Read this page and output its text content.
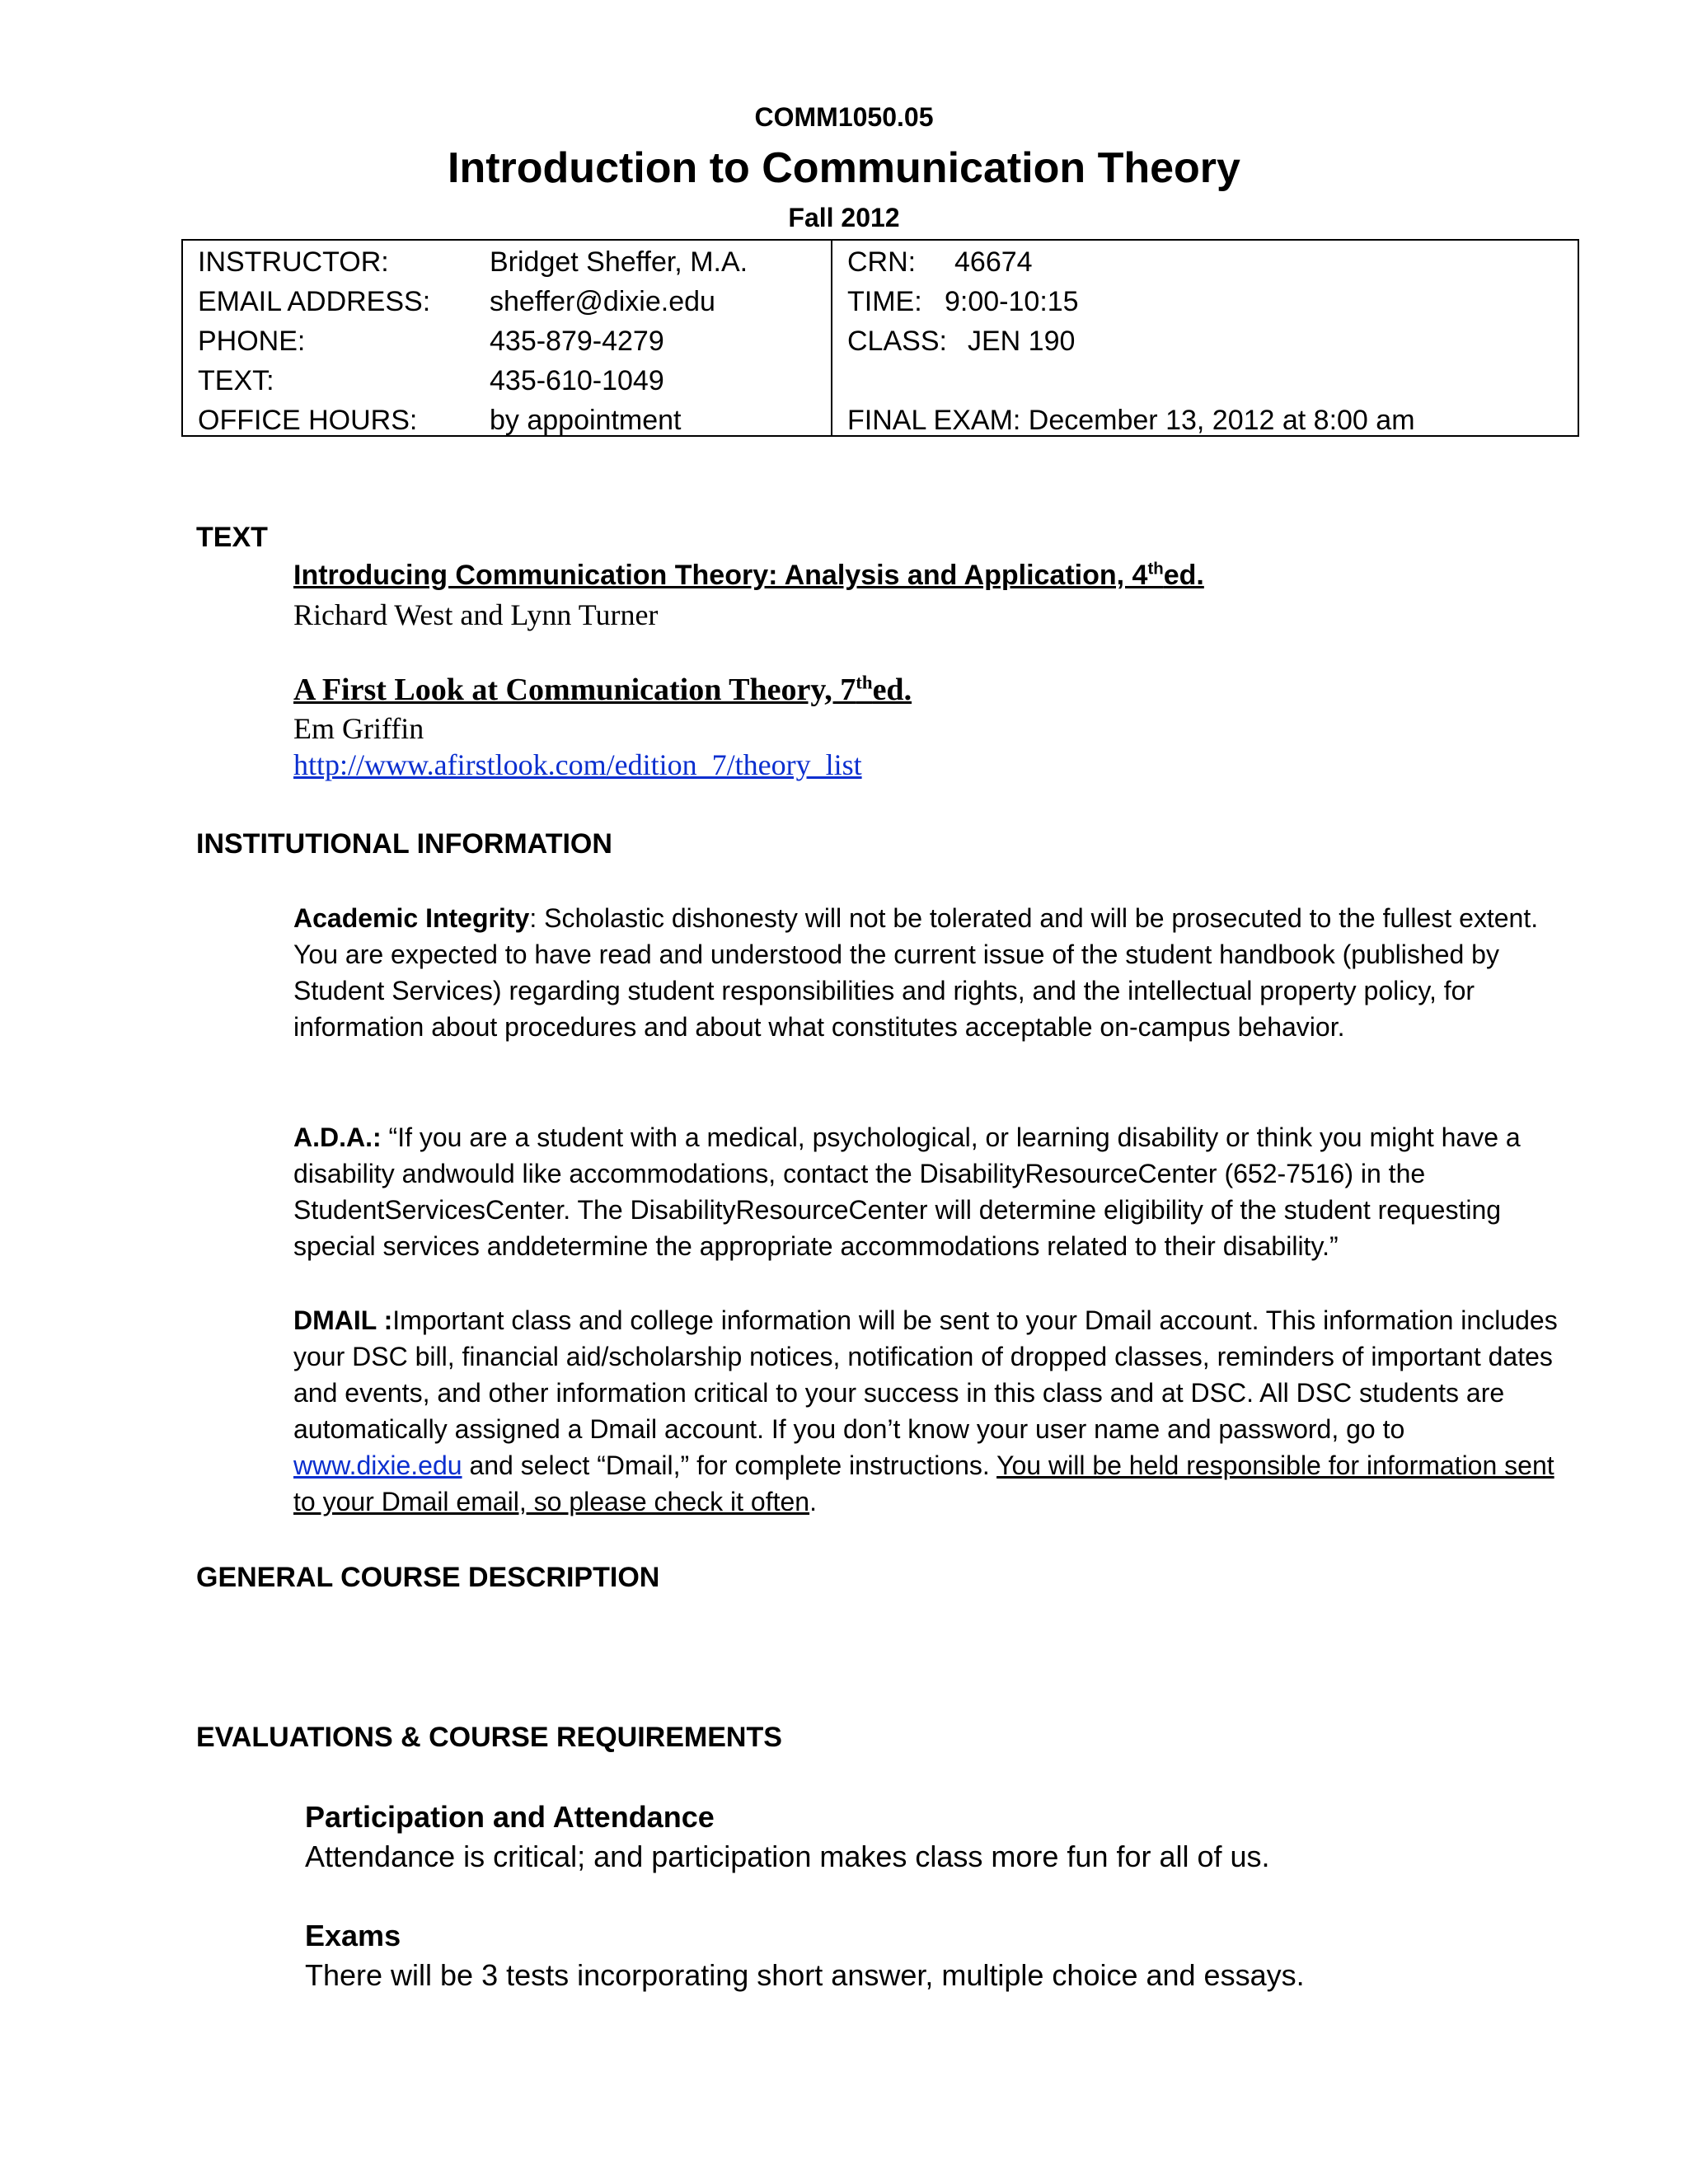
COMM1050.05
Introduction to Communication Theory
Fall 2012
INSTRUCTOR:	Bridget Sheffer, M.A.
EMAIL ADDRESS: sheffer@dixie.edu
PHONE:	435-879-4279
TEXT:	435-610-1049
OFFICE HOURS:	by appointment
CRN: 46674
TIME: 9:00-10:15
CLASS: JEN 190
FINAL EXAM: December 13, 2012 at 8:00 am
TEXT
Introducing Communication Theory: Analysis and Application, 4thed.
Richard West and Lynn Turner
A First Look at Communication Theory, 7thed.
Em Griffin
http://www.afirstlook.com/edition_7/theory_list
INSTITUTIONAL INFORMATION
Academic Integrity: Scholastic dishonesty will not be tolerated and will be prosecuted to the fullest extent. You are expected to have read and understood the current issue of the student handbook (published by Student Services) regarding student responsibilities and rights, and the intellectual property policy, for information about procedures and about what constitutes acceptable on-campus behavior.
A.D.A.: “If you are a student with a medical, psychological, or learning disability or think you might have a disability andwould like accommodations, contact the DisabilityResourceCenter (652-7516) in the StudentServicesCenter. The DisabilityResourceCenter will determine eligibility of the student requesting special services anddetermine the appropriate accommodations related to their disability.”
DMAIL :Important class and college information will be sent to your Dmail account. This information includes your DSC bill, financial aid/scholarship notices, notification of dropped classes, reminders of important dates and events, and other information critical to your success in this class and at DSC. All DSC students are automatically assigned a Dmail account. If you don’t know your user name and password, go to www.dixie.edu and select “Dmail,” for complete instructions. You will be held responsible for information sent to your Dmail email, so please check it often.
GENERAL COURSE DESCRIPTION
EVALUATIONS & COURSE REQUIREMENTS
Participation and Attendance
Attendance is critical; and participation makes class more fun for all of us.
Exams
There will be 3 tests incorporating short answer, multiple choice and essays.
